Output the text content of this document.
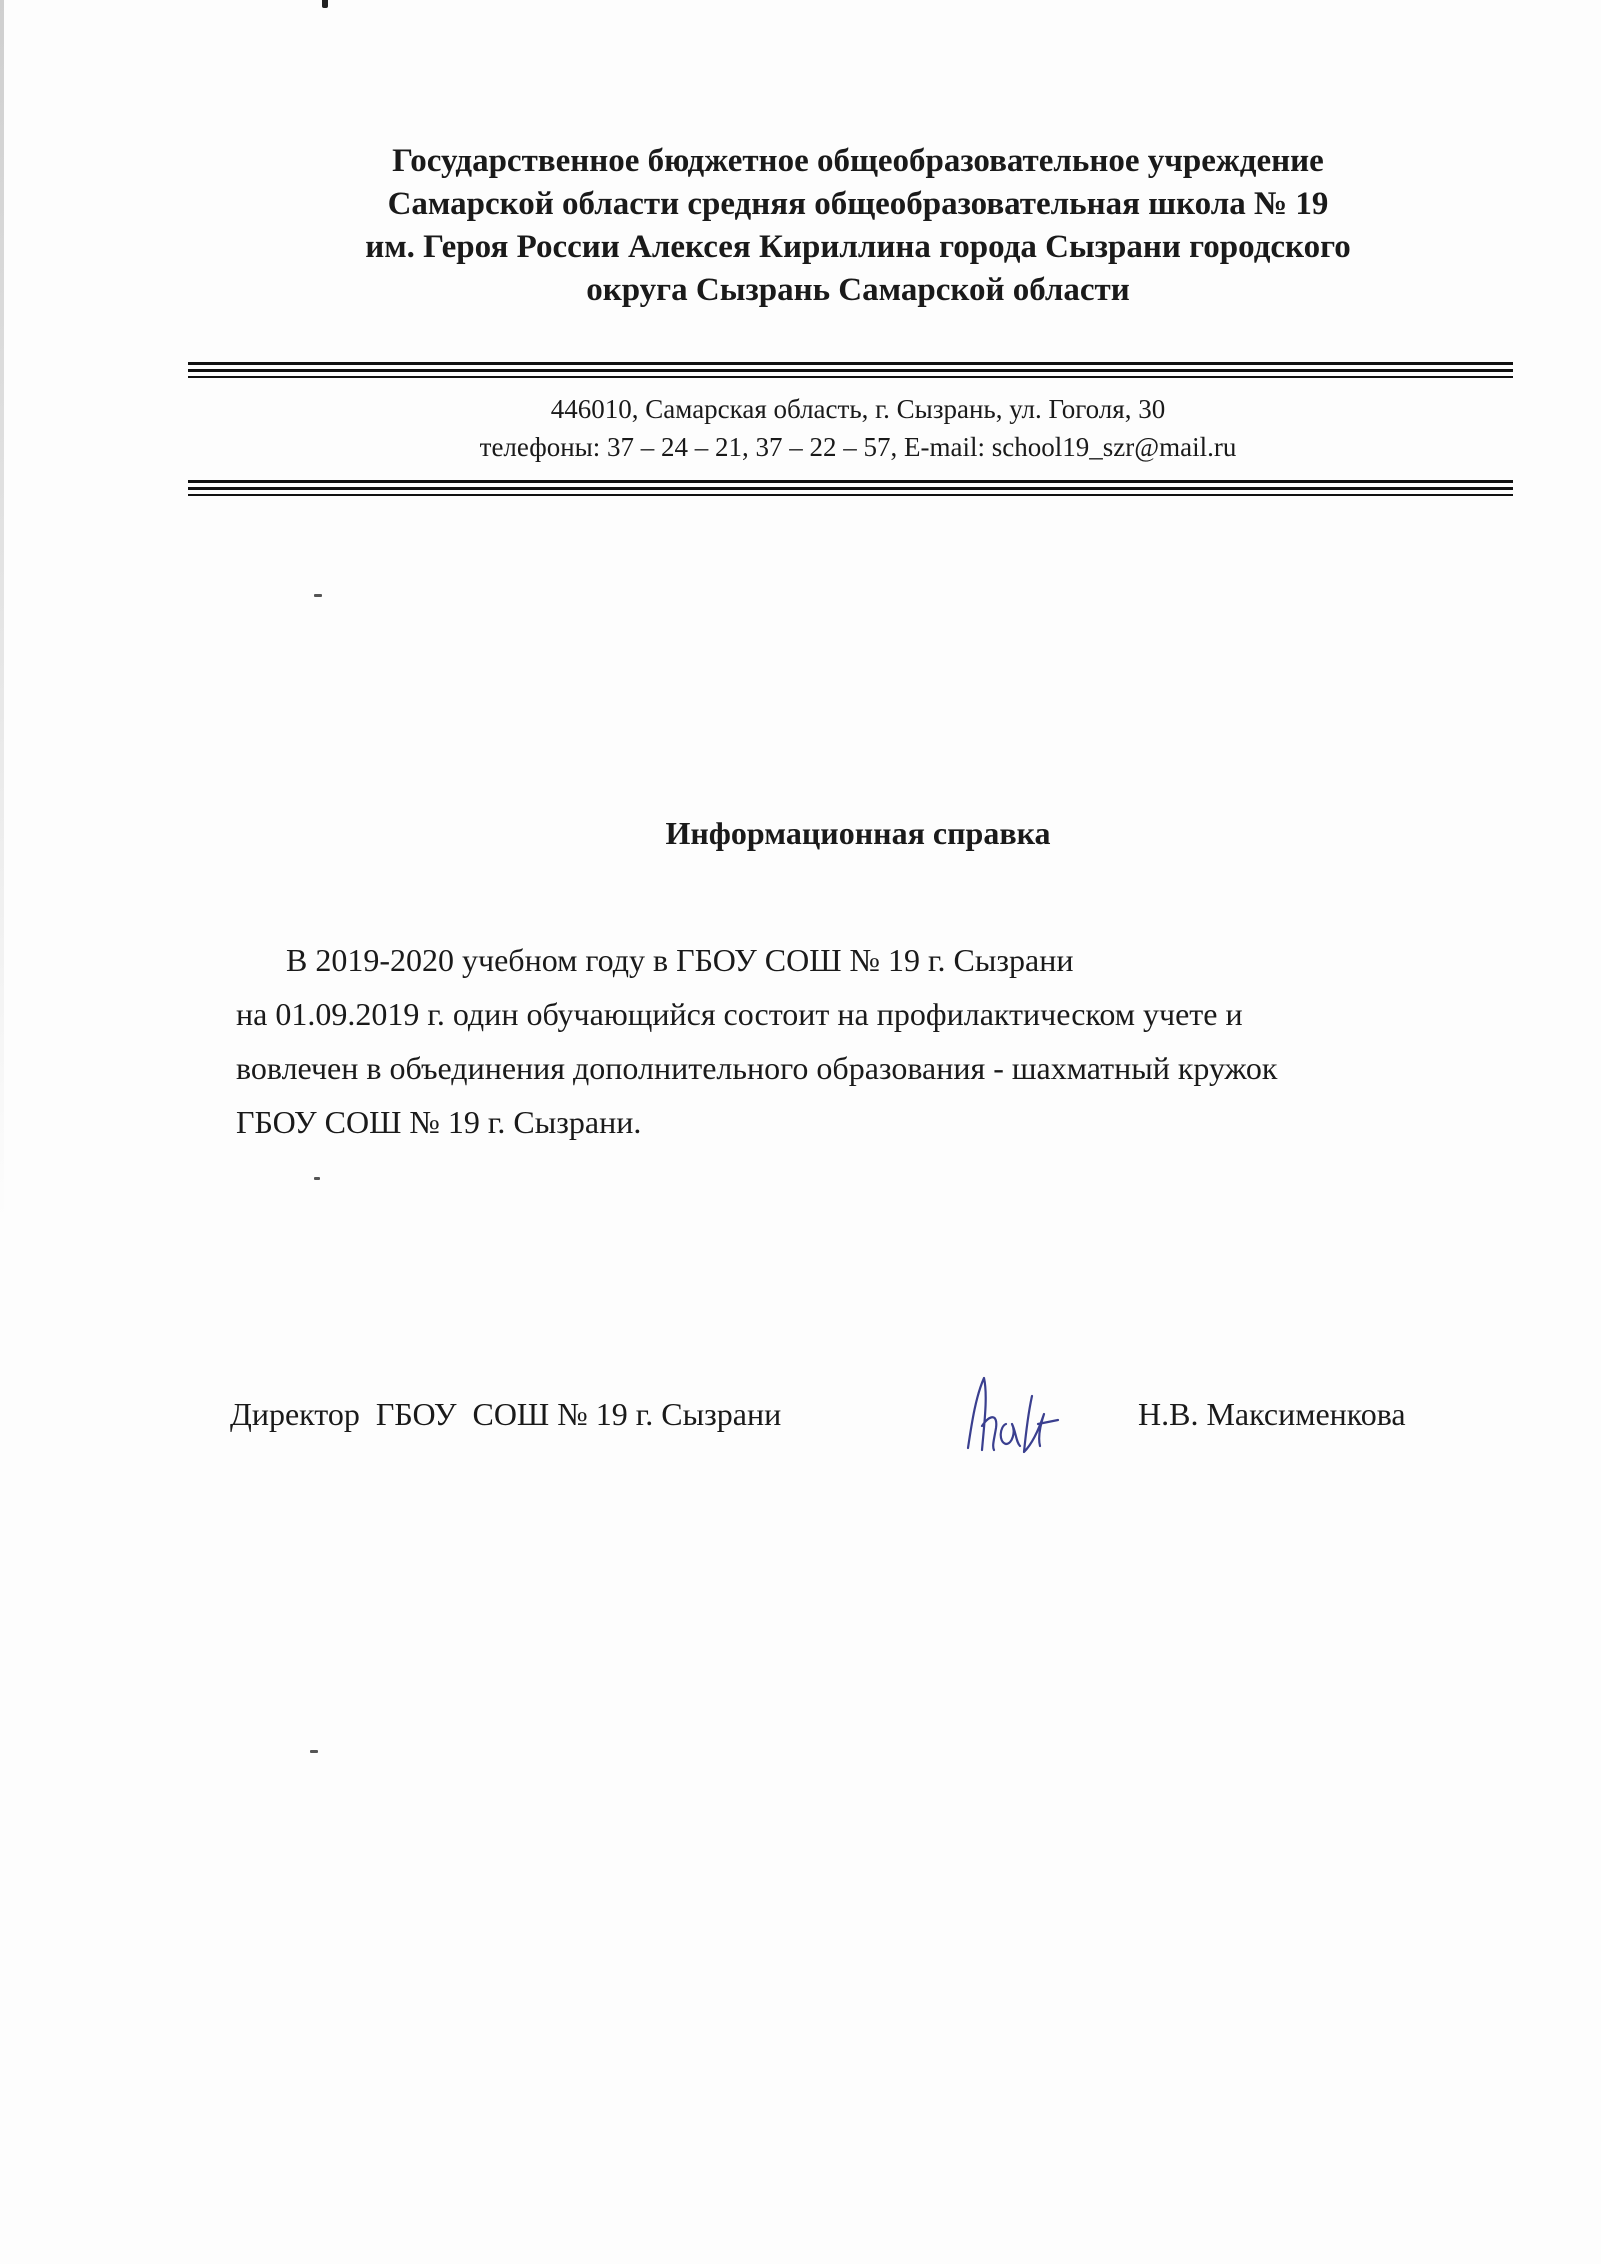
Государственное бюджетное общеобразовательное учреждение
Самарской области средняя общеобразовательная школа № 19
им. Героя России Алексея Кириллина города Сызрани городского
округа Сызрань Самарской области
446010, Самарская область, г. Сызрань, ул. Гоголя, 30
телефоны: 37 – 24 – 21, 37 – 22 – 57, E-mail: school19_szr@mail.ru
Информационная справка
В 2019-2020 учебном году в ГБОУ СОШ № 19 г. Сызрани
на 01.09.2019 г. один обучающийся состоит на профилактическом учете и
вовлечен в объединения дополнительного образования - шахматный кружок
ГБОУ СОШ № 19 г. Сызрани.
Директор  ГБОУ  СОШ № 19 г. Сызрани	Н.В. Максименкова
